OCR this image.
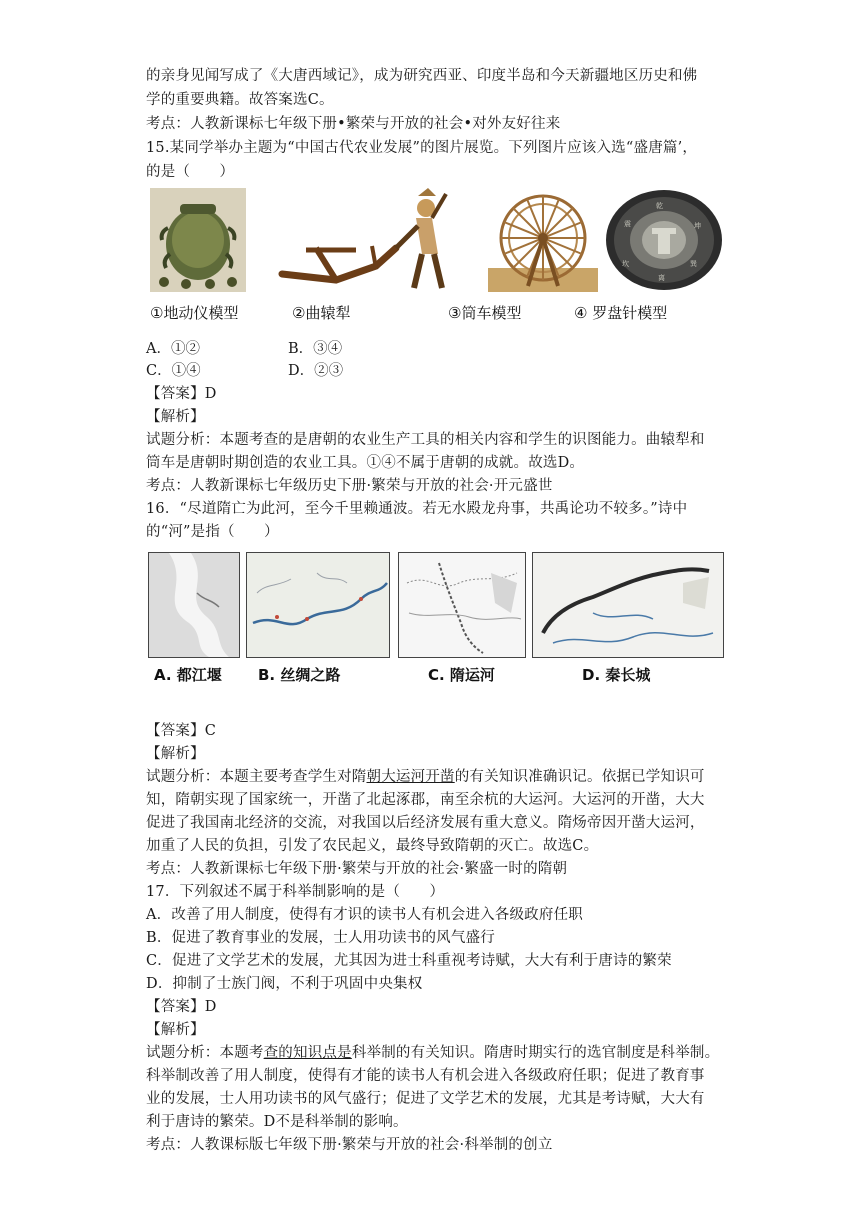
的亲身见闻写成了《大唐西域记》，成为研究西亚、印度半岛和今天新疆地区历史和佛
学的重要典籍。故答案选C。
考点：人教新课标七年级下册•繁荣与开放的社会•对外友好往来
15.某同学举办主题为“中国古代农业发展”的图片展览。下列图片应该入选“盛唐篇’，
的是（　　）
乾
坤
巽
离
坎
震
①地动仪模型	②曲辕犁	③筒车模型	④ 罗盘针模型
A．①②	B．③④
C．①④	D．②③
【答案】D
【解析】
试题分析：本题考查的是唐朝的农业生产工具的相关内容和学生的识图能力。曲辕犁和
筒车是唐朝时期创造的农业工具。①④不属于唐朝的成就。故选D。
考点：人教新课标七年级历史下册·繁荣与开放的社会·开元盛世
16．“尽道隋亡为此河，至今千里赖通波。若无水殿龙舟事，共禹论功不较多。”诗中
的“河”是指（　　）
A. 都江堰 B. 丝绸之路	C. 隋运河	D. 秦长城
【答案】C
【解析】
试题分析：本题主要考查学生对隋朝大运河开凿的有关知识准确识记。依据已学知识可
知，隋朝实现了国家统一，开凿了北起涿郡，南至余杭的大运河。大运河的开凿，大大
促进了我国南北经济的交流，对我国以后经济发展有重大意义。隋炀帝因开凿大运河，
加重了人民的负担，引发了农民起义，最终导致隋朝的灭亡。故选C。
考点：人教新课标七年级下册·繁荣与开放的社会·繁盛一时的隋朝
17．下列叙述不属于科举制影响的是（　　）
A．改善了用人制度，使得有才识的读书人有机会进入各级政府任职
B．促进了教育事业的发展，士人用功读书的风气盛行
C．促进了文学艺术的发展，尤其因为进士科重视考诗赋，大大有利于唐诗的繁荣
D．抑制了士族门阀，不利于巩固中央集权
【答案】D
【解析】
试题分析：本题考查的知识点是科举制的有关知识。隋唐时期实行的选官制度是科举制。
科举制改善了用人制度，使得有才能的读书人有机会进入各级政府任职；促进了教育事
业的发展，士人用功读书的风气盛行；促进了文学艺术的发展，尤其是考诗赋，大大有
利于唐诗的繁荣。D不是科举制的影响。
考点：人教课标版七年级下册·繁荣与开放的社会·科举制的创立
